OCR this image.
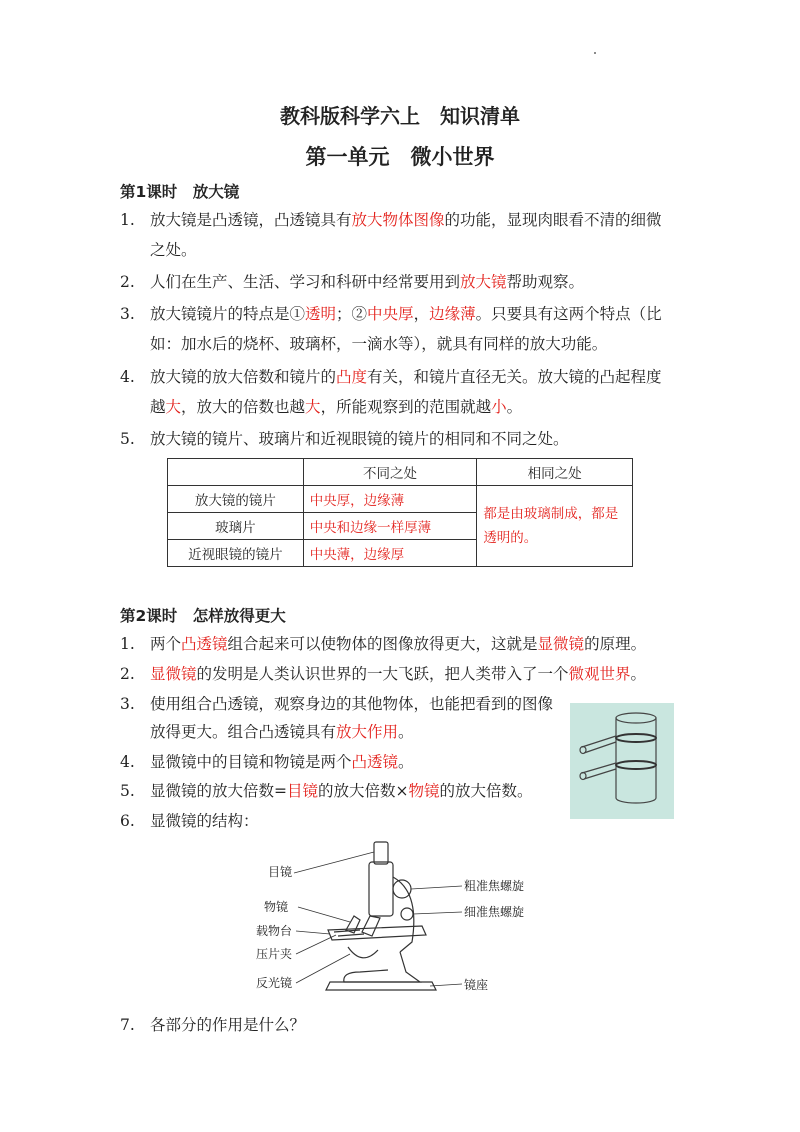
教科版科学六上　知识清单
第一单元　微小世界
第1课时　放大镜
1. 放大镜是凸透镜，凸透镜具有放大物体图像的功能，显现肉眼看不清的细微
之处。
2. 人们在生产、生活、学习和科研中经常要用到放大镜帮助观察。
3. 放大镜镜片的特点是①透明；②中央厚，边缘薄。只要具有这两个特点（比
如：加水后的烧杯、玻璃杯，一滴水等），就具有同样的放大功能。
4. 放大镜的放大倍数和镜片的凸度有关，和镜片直径无关。放大镜的凸起程度
越大，放大的倍数也越大，所能观察到的范围就越小。
5. 放大镜的镜片、玻璃片和近视眼镜的镜片的相同和不同之处。
	不同之处	相同之处
放大镜的镜片	中央厚，边缘薄	都是由玻璃制成，都是
透明的。

玻璃片	中央和边缘一样厚薄	
近视眼镜的镜片	中央薄，边缘厚	
第2课时　怎样放得更大
1. 两个凸透镜组合起来可以使物体的图像放得更大，这就是显微镜的原理。
2. 显微镜的发明是人类认识世界的一大飞跃，把人类带入了一个微观世界。
3. 使用组合凸透镜，观察身边的其他物体，也能把看到的图像
放得更大。组合凸透镜具有放大作用。
4. 显微镜中的目镜和物镜是两个凸透镜。
5. 显微镜的放大倍数=目镜的放大倍数×物镜的放大倍数。
6. 显微镜的结构：
目镜
物镜
载物台
压片夹
反光镜
粗准焦螺旋
细准焦螺旋
镜座
7. 各部分的作用是什么？
